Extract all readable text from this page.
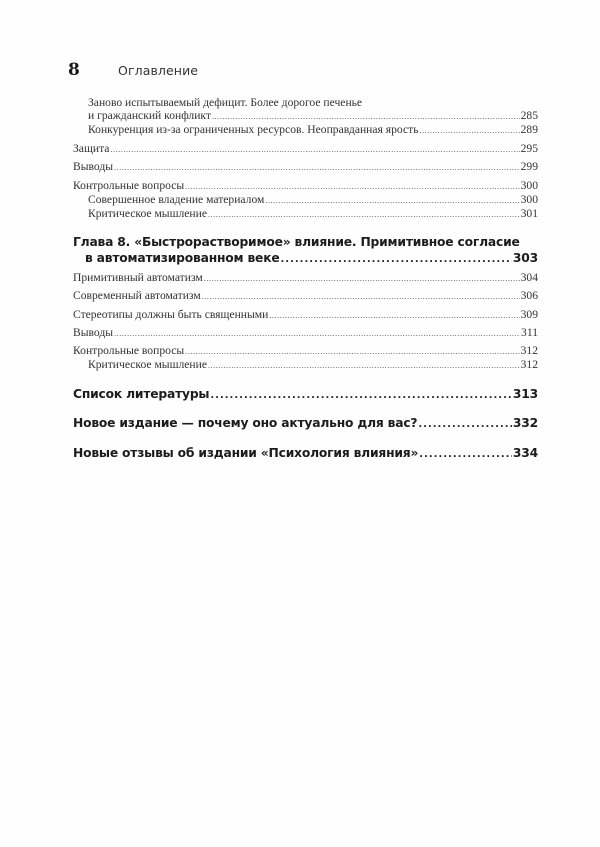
8	Оглавление
Заново испытываемый дефицит. Более дорогое печенье
и гражданский конфликт .....	285
Конкуренция из-за ограниченных ресурсов. Неоправданная ярость .....	289
Защита .....	295
Выводы .....	299
Контрольные вопросы .....	300
Совершенное владение материалом .....	300
Критическое мышление .....	301
Глава 8. «Быстрорастворимое» влияние. Примитивное согласие
в автоматизированном веке .....	303
Примитивный автоматизм .....	304
Современный автоматизм .....	306
Стереотипы должны быть священными .....	309
Выводы .....	311
Контрольные вопросы .....	312
Критическое мышление .....	312
Список литературы .....	313
Новое издание — почему оно актуально для вас? .....	332
Новые отзывы об издании «Психология влияния» .....	334
